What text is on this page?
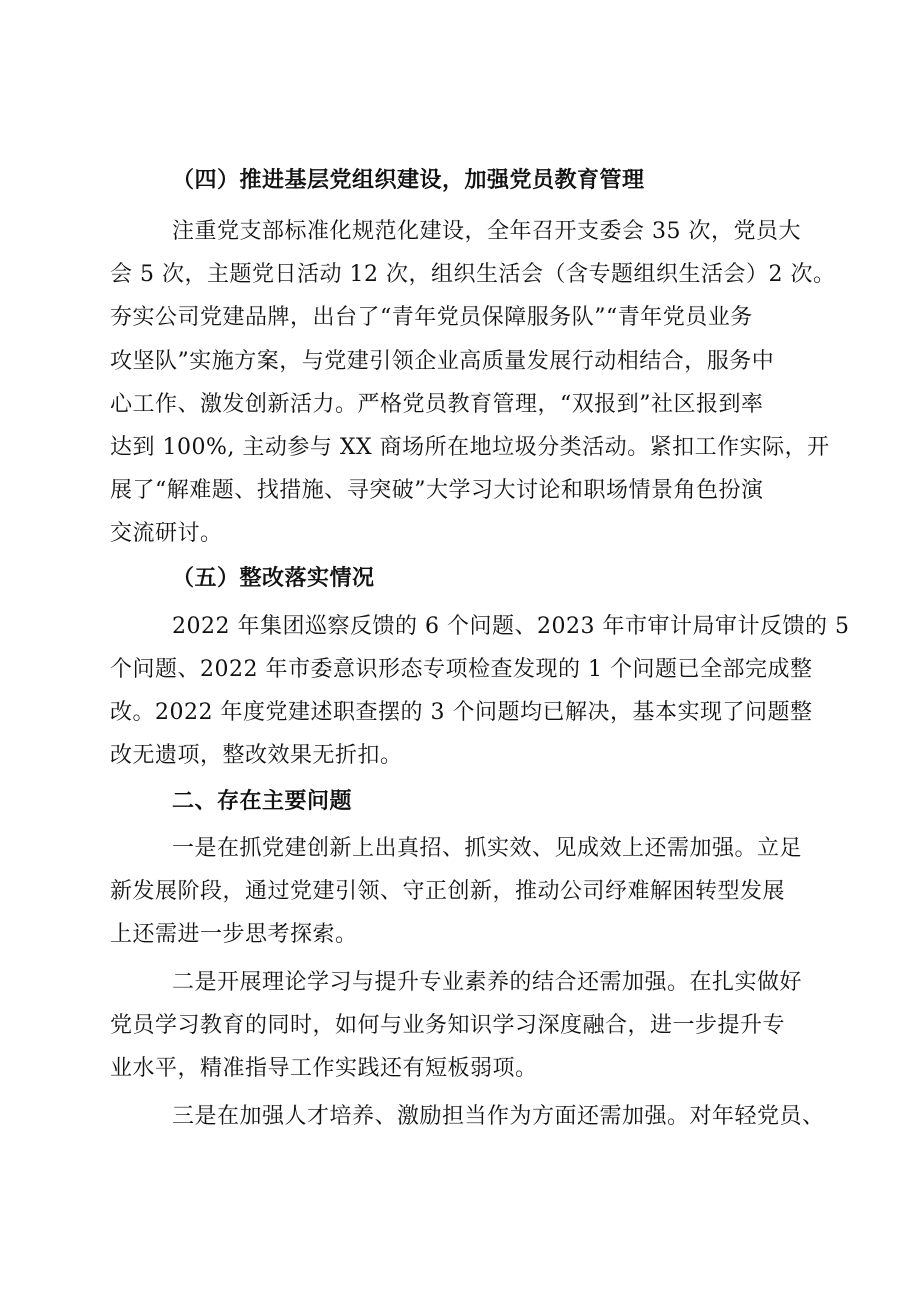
（四）推进基层党组织建设，加强党员教育管理
注重党支部标准化规范化建设，全年召开支委会 35 次，党员大
会 5 次，主题党日活动 12 次，组织生活会（含专题组织生活会）2 次。
夯实公司党建品牌，出台了“青年党员保障服务队”“青年党员业务
攻坚队”实施方案，与党建引领企业高质量发展行动相结合，服务中
心工作、激发创新活力。严格党员教育管理，“双报到”社区报到率
达到 100%, 主动参与 XX 商场所在地垃圾分类活动。紧扣工作实际，开
展了“解难题、找措施、寻突破”大学习大讨论和职场情景角色扮演
交流研讨。
（五）整改落实情况
2022 年集团巡察反馈的 6 个问题、2023 年市审计局审计反馈的 5
个问题、2022 年市委意识形态专项检查发现的 1 个问题已全部完成整
改。2022 年度党建述职查摆的 3 个问题均已解决，基本实现了问题整
改无遗项，整改效果无折扣。
二、存在主要问题
一是在抓党建创新上出真招、抓实效、见成效上还需加强。立足
新发展阶段，通过党建引领、守正创新，推动公司纾难解困转型发展
上还需进一步思考探索。
二是开展理论学习与提升专业素养的结合还需加强。在扎实做好
党员学习教育的同时，如何与业务知识学习深度融合，进一步提升专
业水平，精准指导工作实践还有短板弱项。
三是在加强人才培养、激励担当作为方面还需加强。对年轻党员、
